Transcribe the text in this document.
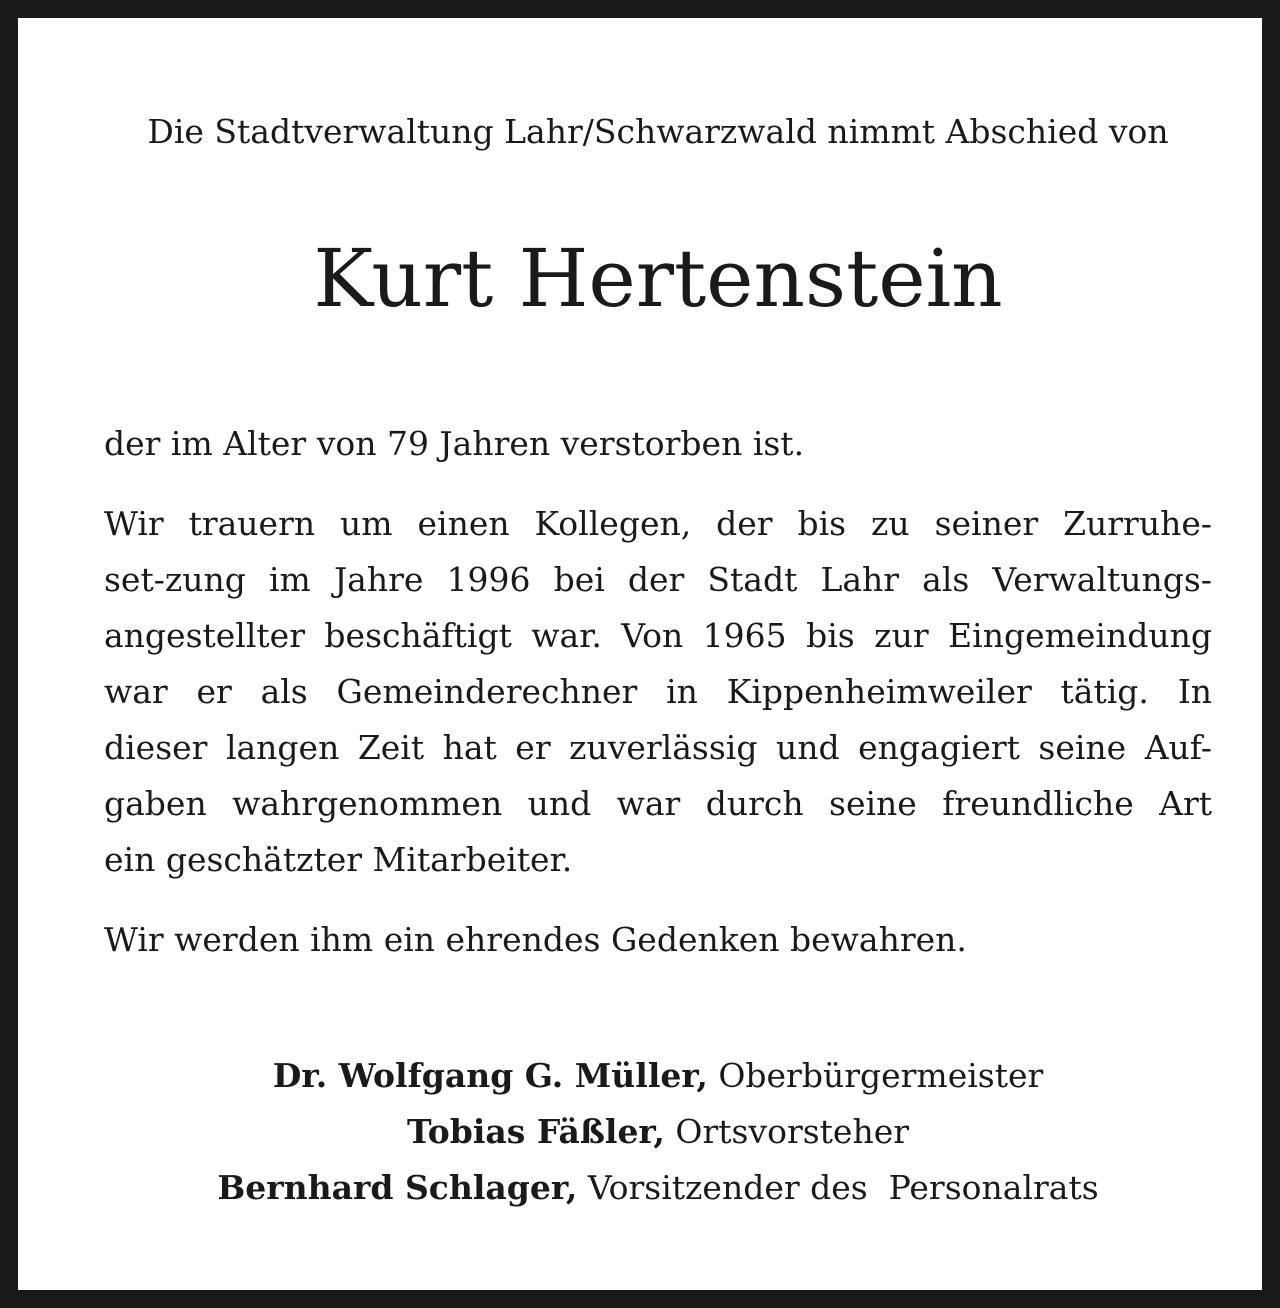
Die Stadtverwaltung Lahr/Schwarzwald nimmt Abschied von
Kurt Hertenstein

der im Alter von 79 Jahren verstorben ist.

Wir trauern um einen Kollegen, der bis zu seiner Zurruhe-
set-zung im Jahre 1996 bei der Stadt Lahr als Verwaltungs-
angestellter beschäftigt war. Von 1965 bis zur Eingemeindung
war er als Gemeinderechner in Kippenheimweiler tätig. In
dieser langen Zeit hat er zuverlässig und engagiert seine Auf-
gaben wahrgenommen und war durch seine freundliche Art
ein geschätzter Mitarbeiter.

Wir werden ihm ein ehrendes Gedenken bewahren.

Dr. Wolfgang G. Müller, Oberbürgermeister
Tobias Fäßler, Ortsvorsteher
Bernhard Schlager, Vorsitzender des  Personalrats
